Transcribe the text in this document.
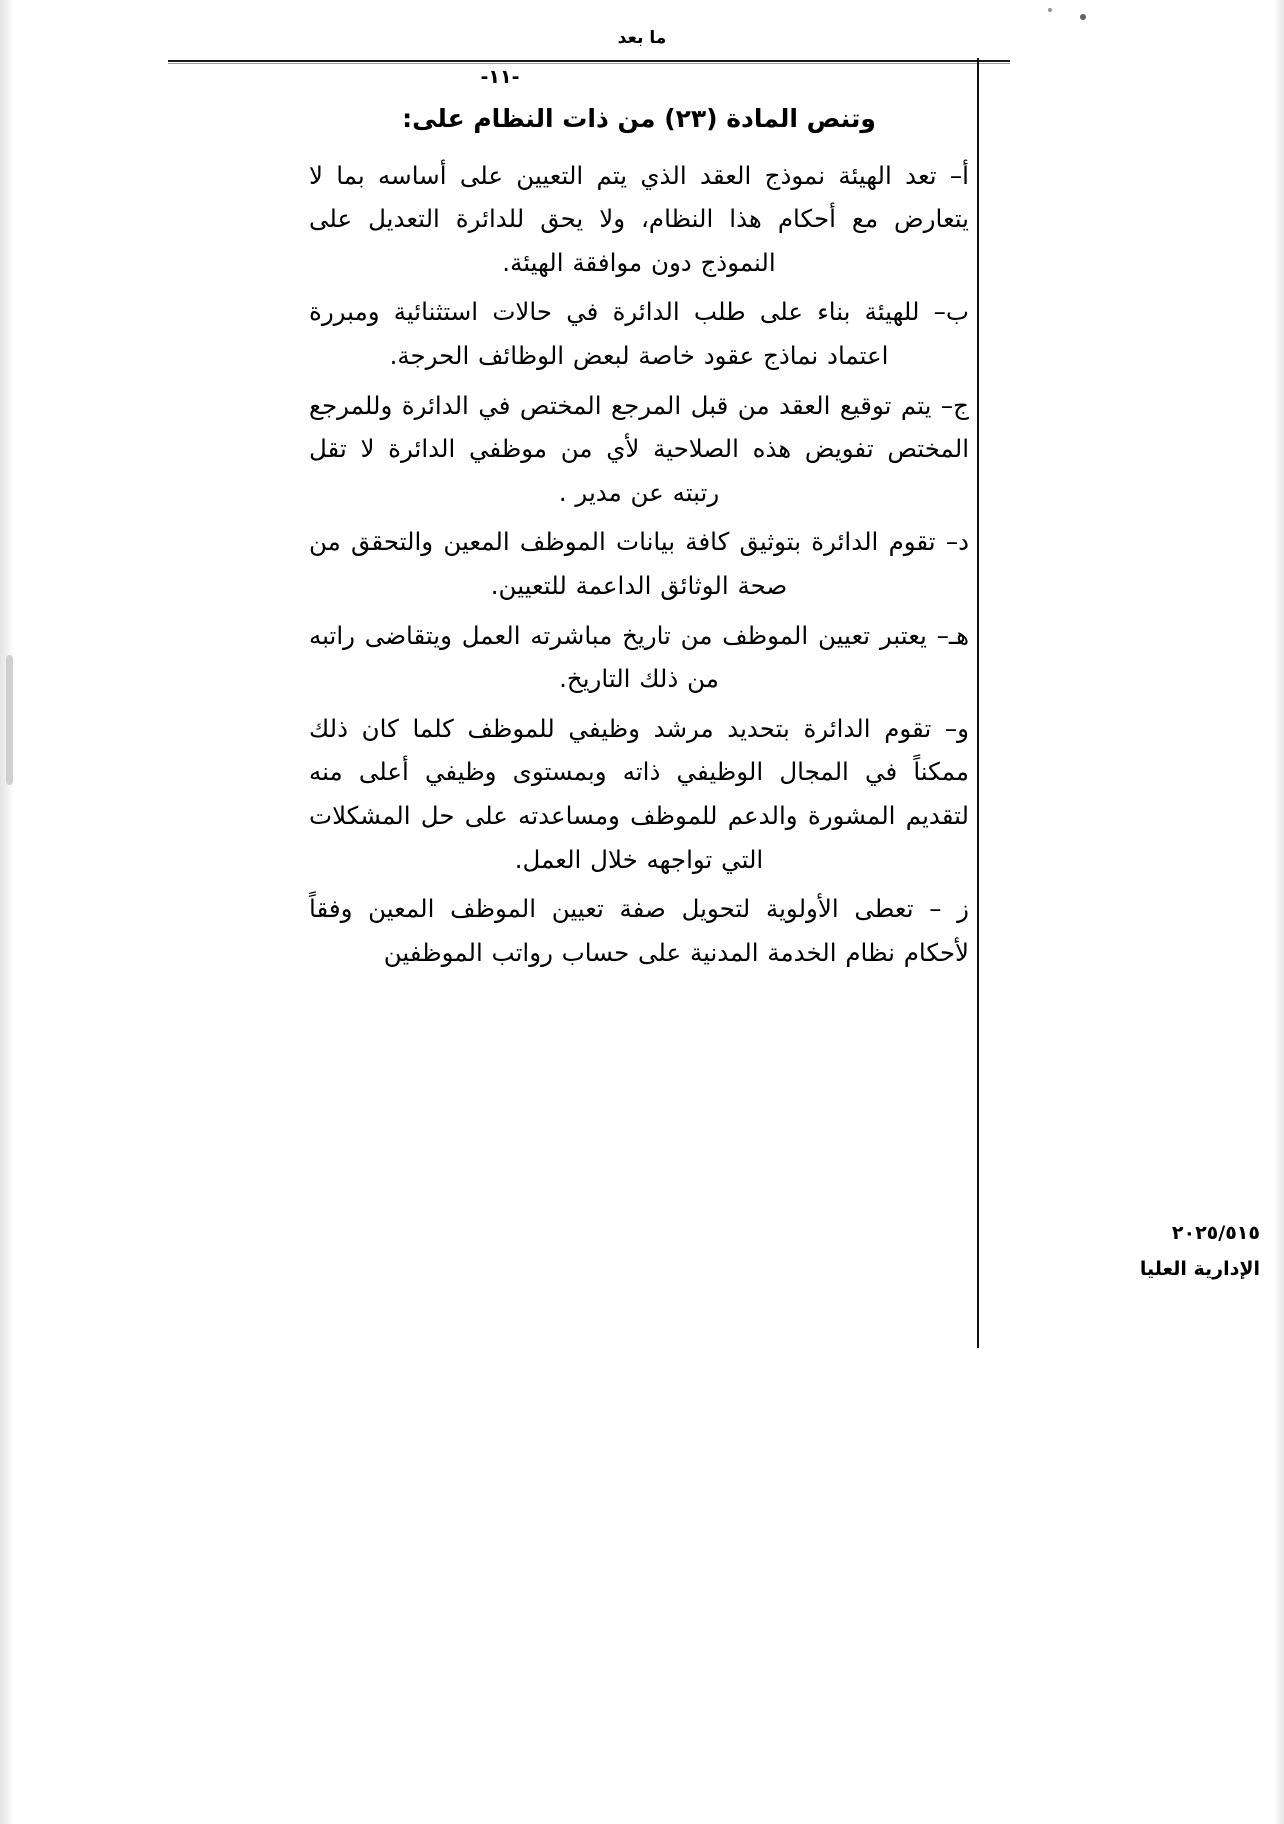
ما بعد
-١١-

وتنص المادة (٢٣) من ذات النظام على:

أ– تعد الهيئة نموذج العقد الذي يتم التعيين على أساسه بما لا يتعارض مع أحكام هذا النظام، ولا يحق للدائرة التعديل على النموذج دون موافقة الهيئة.

ب– للهيئة بناء على طلب الدائرة في حالات استثنائية ومبررة اعتماد نماذج عقود خاصة لبعض الوظائف الحرجة.

ج– يتم توقيع العقد من قبل المرجع المختص في الدائرة وللمرجع المختص تفويض هذه الصلاحية لأي من موظفي الدائرة لا تقل رتبته عن مدير .

د– تقوم الدائرة بتوثيق كافة بيانات الموظف المعين والتحقق من صحة الوثائق الداعمة للتعيين.

هـ– يعتبر تعيين الموظف من تاريخ مباشرته العمل ويتقاضى راتبه من ذلك التاريخ.

و– تقوم الدائرة بتحديد مرشد وظيفي للموظف كلما كان ذلك ممكناً في المجال الوظيفي ذاته وبمستوى وظيفي أعلى منه لتقديم المشورة والدعم للموظف ومساعدته على حل المشكلات التي تواجهه خلال العمل.

ز – تعطى الأولوية لتحويل صفة تعيين الموظف المعين وفقاً لأحكام نظام الخدمة المدنية على حساب رواتب الموظفين

٢٠٢٥/٥١٥

الإدارية العليا
